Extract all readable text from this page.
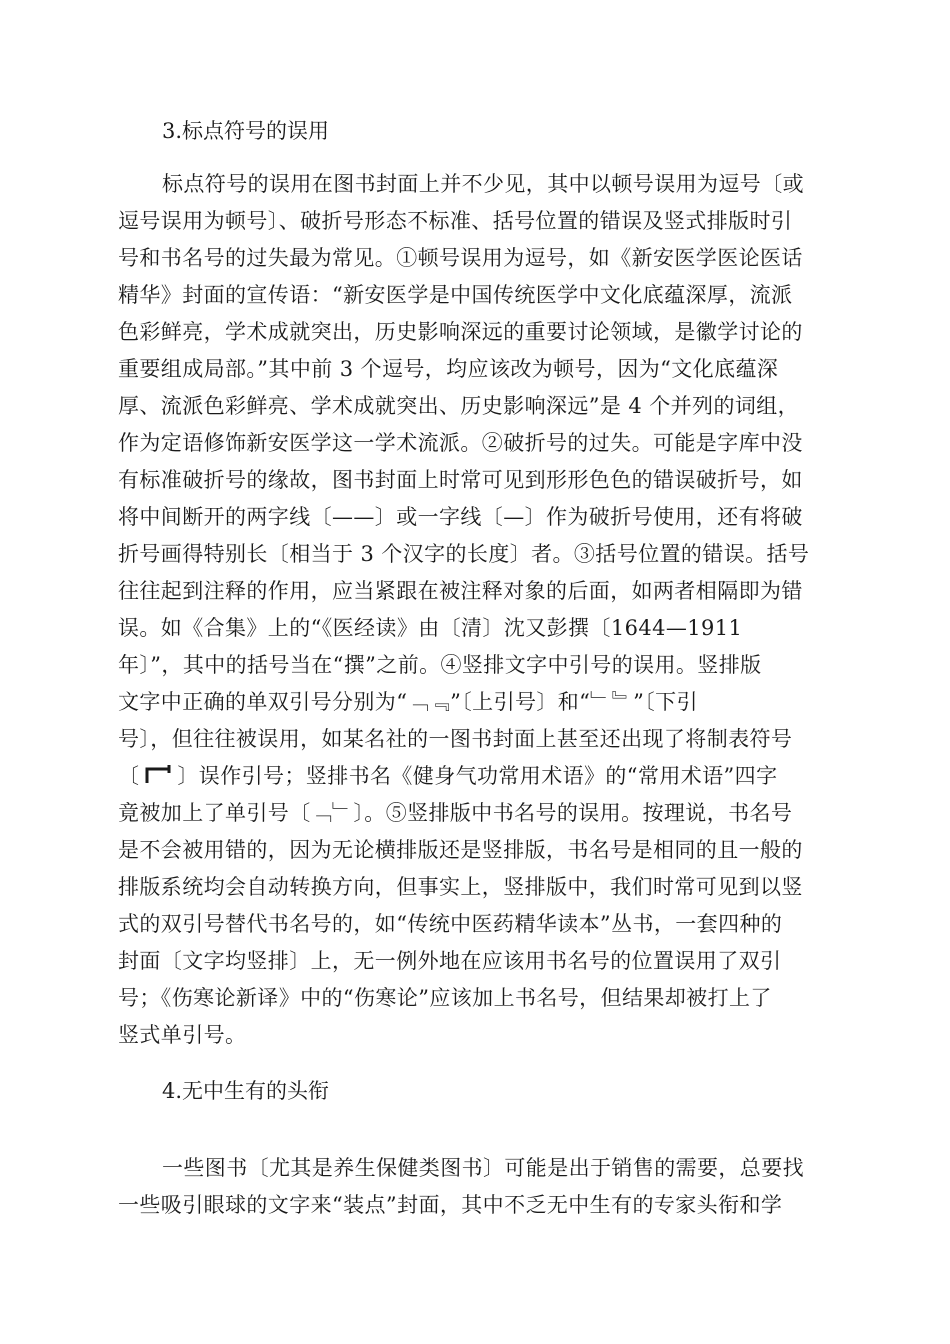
3.标点符号的误用
标点符号的误用在图书封面上并不少见，其中以顿号误用为逗号〔或
逗号误用为顿号〕、破折号形态不标准、括号位置的错误及竖式排版时引
号和书名号的过失最为常见。①顿号误用为逗号，如《新安医学医论医话
精华》封面的宣传语：“新安医学是中国传统医学中文化底蕴深厚，流派
色彩鲜亮，学术成就突出，历史影响深远的重要讨论领域，是徽学讨论的
重要组成局部。”其中前 3 个逗号，均应该改为顿号，因为“文化底蕴深
厚、流派色彩鲜亮、学术成就突出、历史影响深远”是 4 个并列的词组，
作为定语修饰新安医学这一学术流派。②破折号的过失。可能是字库中没
有标准破折号的缘故，图书封面上时常可见到形形色色的错误破折号，如
将中间断开的两字线〔——〕或一字线〔—〕作为破折号使用，还有将破
折号画得特别长〔相当于 3 个汉字的长度〕者。③括号位置的错误。括号
往往起到注释的作用，应当紧跟在被注释对象的后面，如两者相隔即为错
误。如《合集》上的“《医经读》由〔清〕沈又彭撰〔1644—1911
年〕”，其中的括号当在“撰”之前。④竖排文字中引号的误用。竖排版
文字中正确的单双引号分别为“﹁﹃”〔上引号〕和“﹂﹄”〔下引
号〕，但往往被误用，如某名社的一图书封面上甚至还出现了将制表符号
〔 〕误作引号；竖排书名《健身气功常用术语》的“常用术语”四字
竟被加上了单引号〔﹁﹂〕。⑤竖排版中书名号的误用。按理说，书名号
是不会被用错的，因为无论横排版还是竖排版，书名号是相同的且一般的
排版系统均会自动转换方向，但事实上，竖排版中，我们时常可见到以竖
式的双引号替代书名号的，如“传统中医药精华读本”丛书，一套四种的
封面〔文字均竖排〕上，无一例外地在应该用书名号的位置误用了双引
号；《伤寒论新译》中的“伤寒论”应该加上书名号，但结果却被打上了
竖式单引号。
4.无中生有的头衔
一些图书〔尤其是养生保健类图书〕可能是出于销售的需要，总要找
一些吸引眼球的文字来“装点”封面，其中不乏无中生有的专家头衔和学
